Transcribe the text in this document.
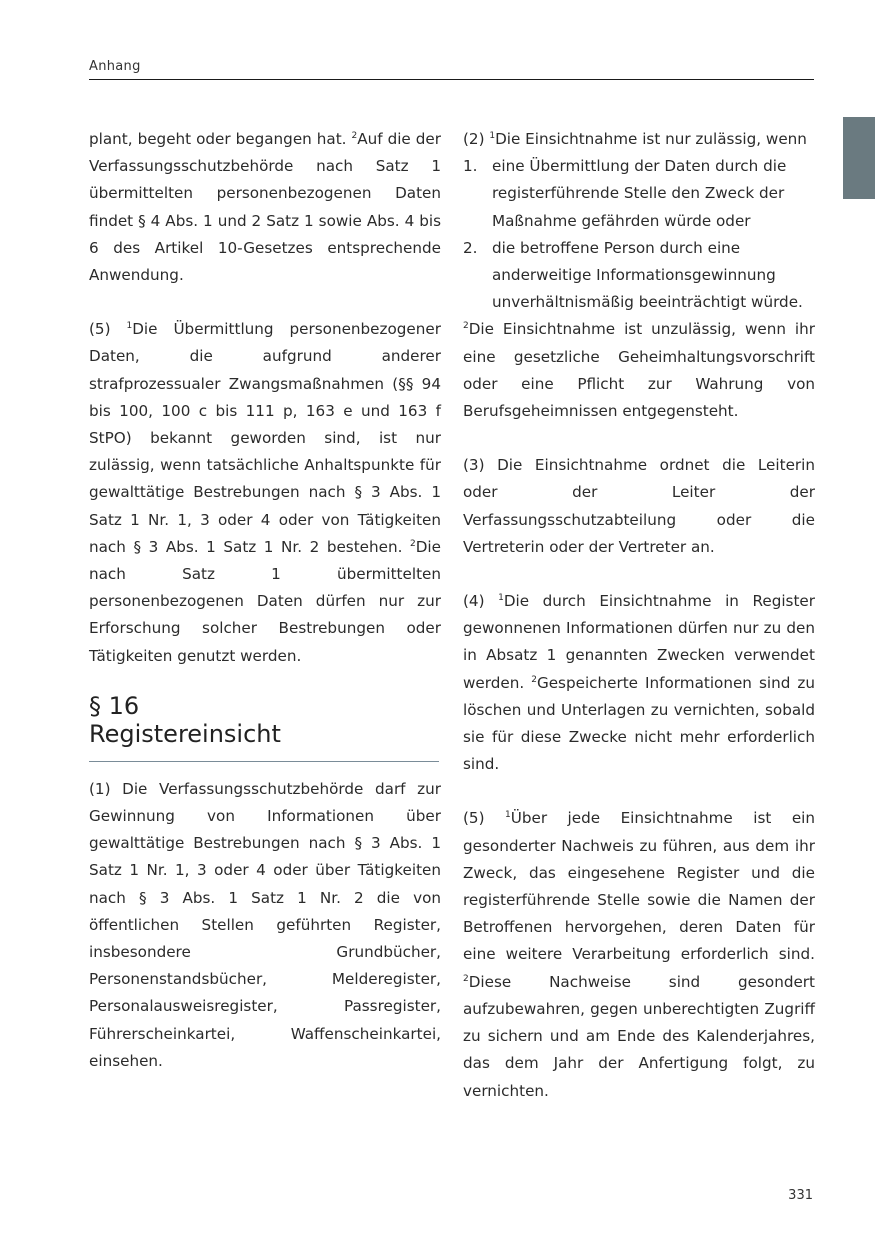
Anhang

plant, begeht oder begangen hat. $^2$Auf die der Verfassungsschutzbehörde nach Satz 1 übermittelten personenbezogenen Daten findet § 4 Abs. 1 und 2 Satz 1 sowie Abs. 4 bis 6 des Artikel 10-Gesetzes entsprechende Anwendung.

(5) $^1$Die Übermittlung personenbezogener Daten, die aufgrund anderer strafprozessualer Zwangsmaßnahmen (§§ 94 bis 100, 100 c bis 111 p, 163 e und 163 f StPO) bekannt geworden sind, ist nur zulässig, wenn tatsächliche Anhaltspunkte für gewalttätige Bestrebungen nach § 3 Abs. 1 Satz 1 Nr. 1, 3 oder 4 oder von Tätigkeiten nach § 3 Abs. 1 Satz 1 Nr. 2 bestehen. $^2$Die nach Satz 1 übermittelten personenbezogenen Daten dürfen nur zur Erforschung solcher Bestrebungen oder Tätigkeiten genutzt werden.

§ 16
Registereinsicht

(1) Die Verfassungsschutzbehörde darf zur Gewinnung von Informationen über gewalttätige Bestrebungen nach § 3 Abs. 1 Satz 1 Nr. 1, 3 oder 4 oder über Tätigkeiten nach § 3 Abs. 1 Satz 1 Nr. 2 die von öffentlichen Stellen geführten Register, insbesondere Grundbücher, Personenstandsbücher, Melderegister, Personalausweisregister, Passregister, Führerscheinkartei, Waffenscheinkartei, einsehen.

(2) $^1$Die Einsichtnahme ist nur zulässig, wenn

1. eine Übermittlung der Daten durch die registerführende Stelle den Zweck der Maßnahme gefährden würde oder
2. die betroffene Person durch eine anderweitige Informationsgewinnung unverhältnismäßig beeinträchtigt würde.

$^2$Die Einsichtnahme ist unzulässig, wenn ihr eine gesetzliche Geheimhaltungsvorschrift oder eine Pflicht zur Wahrung von Berufsgeheimnissen entgegensteht.

(3) Die Einsichtnahme ordnet die Leiterin oder der Leiter der Verfassungsschutzabteilung oder die Vertreterin oder der Vertreter an.

(4) $^1$Die durch Einsichtnahme in Register gewonnenen Informationen dürfen nur zu den in Absatz 1 genannten Zwecken verwendet werden. $^2$Gespeicherte Informationen sind zu löschen und Unterlagen zu vernichten, sobald sie für diese Zwecke nicht mehr erforderlich sind.

(5) $^1$Über jede Einsichtnahme ist ein gesonderter Nachweis zu führen, aus dem ihr Zweck, das eingesehene Register und die registerführende Stelle sowie die Namen der Betroffenen hervorgehen, deren Daten für eine weitere Verarbeitung erforderlich sind. $^2$Diese Nachweise sind gesondert aufzubewahren, gegen unberechtigten Zugriff zu sichern und am Ende des Kalenderjahres, das dem Jahr der Anfertigung folgt, zu vernichten.

331
